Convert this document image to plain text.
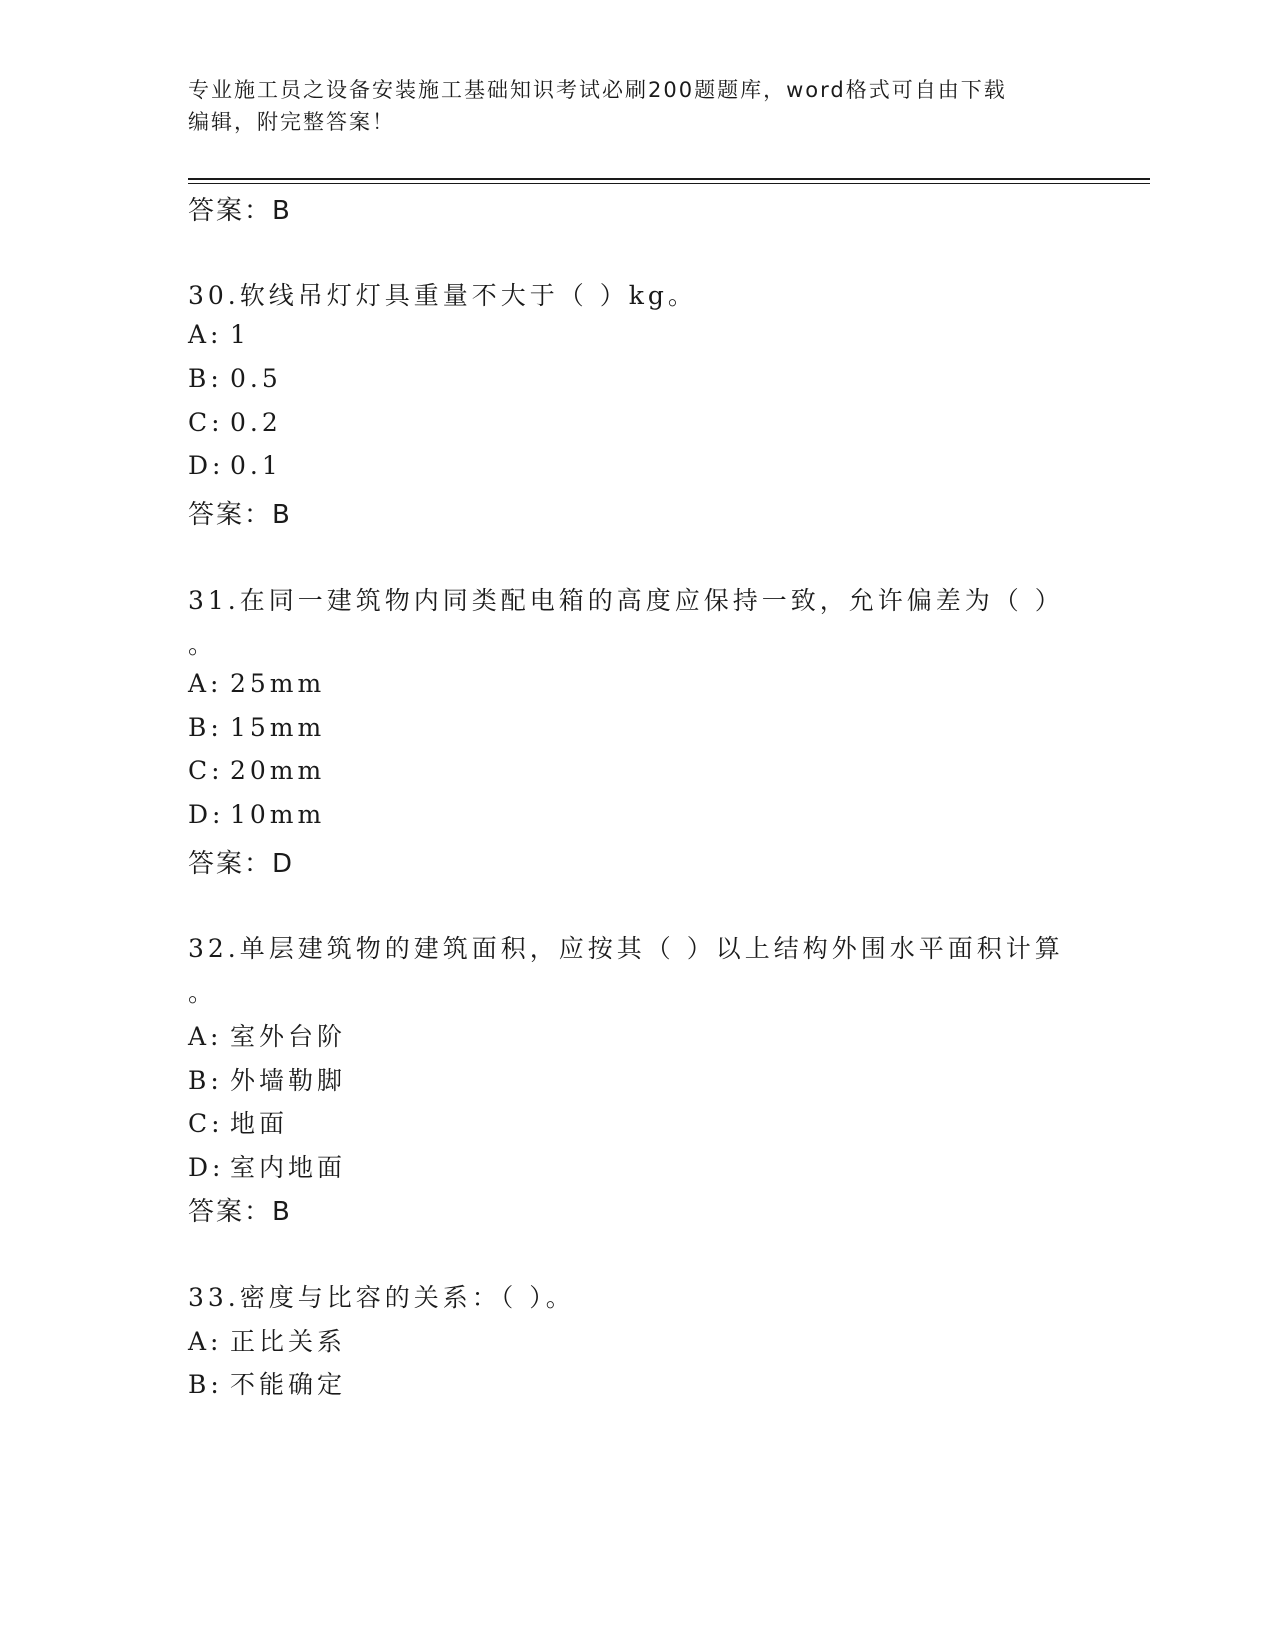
专业施工员之设备安装施工基础知识考试必刷200题题库，word格式可自由下载
编辑，附完整答案！
答案：B
30.软线吊灯灯具重量不大于（ ）kg。
A: 1
B: 0.5
C: 0.2
D: 0.1
答案：B
31.在同一建筑物内同类配电箱的高度应保持一致，允许偏差为（ ）
。
A: 25mm
B: 15mm
C: 20mm
D: 10mm
答案：D
32.单层建筑物的建筑面积，应按其（ ）以上结构外围水平面积计算
。
A: 室外台阶
B: 外墙勒脚
C: 地面
D: 室内地面
答案：B
33.密度与比容的关系：（ ）。
A: 正比关系
B: 不能确定
